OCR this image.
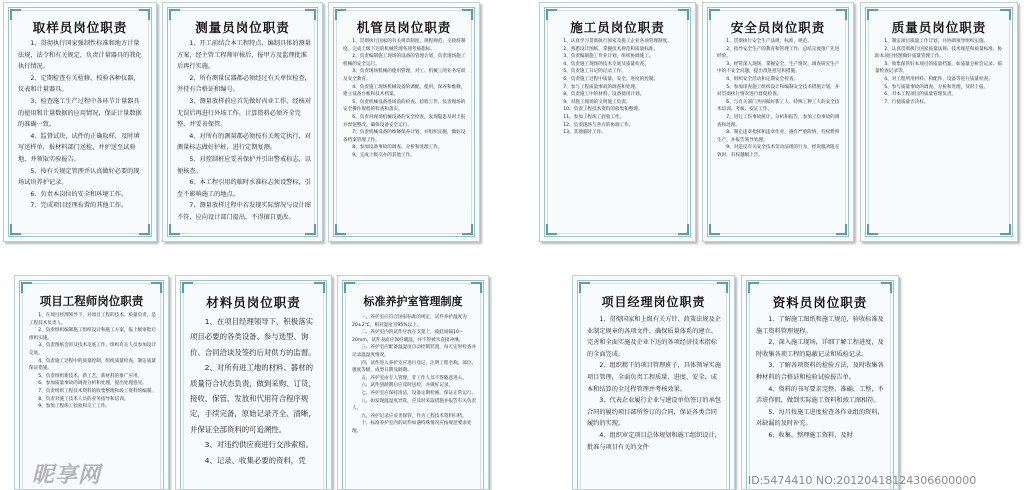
取样员岗位职责

1、贯彻执行国家强制性标准和地方计量法规，法令和有关规定，负责计量器具的我化执行情况。

2、定期检查有关检修、校验各种仪器，仪表和计量器具。

3、检查施工生产过程中各环节计量器具的使用和计量数据的应用情况，保证计量数据的准确一致。

4、监督试块，试件的正确取样，及时填写送样单，报材料部门送检，并护送至试验地，并领取实验报告。

5、按有关规定管理并认真做好必要的现场试块养护记录。

6、负责本岗位的安全和环境工作。

7、完成项目经理布置的其他工作。

测量员岗位职责

1、开工前结合本工程特点，编制具体的测量方案，经主管工程师审核后，报甲方及监理批准后再行实施。

2、所有测量仪器都必须经过有关单位检查，并持有合格证和编号。

3、测量放样前应首先做好内业工作，经核对无误后再进行外场工作，计算资料必须齐全完整，并妥善保管。

4、对所有的测量都必须按有关规定执行，对测量标志做好护桩，进行定期复测。

5、对控制桩应妥善保护并引出警戒标志，以便核查。

6、本工程引用的临时水准标志须设警标，引至不影响施工的地点。

7、测量放样过程中若发现实际情况与设计图不符，应向设计部门提出，不得擅自更改。

机管员岗位职责

1、贯彻执行国家的有关规章制度，规程规范，交接班制度，完成上级下达的机械管理各项考核指标。

2、负责编制施工现场的设备的管理计划，负责现场施工机械的安全运行。

3、负责现场机械的使用管理，对工、机械工的业务培训及安全教育。

4、负责施工现场机械设备的调配、使用、保养和维修，建立设备台帐和技术档案。

5、负责机械设备进场前的检查、验收工作，负责现场的安全操作规程的检查和落实。

6、负责对现场机械设备的安全检查，发现隐患及时上报并督促整改，确保设备安全运行。

7、负责机械设备的维修保养计划，并组织实施，做好设备档案管理工作。

8、参加设备事故的调查、分析和处理工作。

9、完成上级交办的其他工作。

施工员岗位职责

1、认真学习贯彻执行国家及施工企业各项管理制度。

2、熟悉设计图纸，掌握技术规范和质量标准。

3、负责编制施工作业计划，组织协调施工。

4、负责施工现场的技术交底及质量检查。

5、负责施工日记的记录工作。

6、负责施工过程中质量、安全、进度的控制。

7、参与工程质量事故的调查和处理。

8、负责施工中的材料、设备使用计划。

9、对施工现场的文明施工负责。

10、负责工程技术资料的收集和整理。

11、参加工程竣工验收工作。

12、负责现场与各方的协调工作。

13、其他临时工作。

安全员岗位职责

1、贯彻执行安全生产法规，标准，规范。

2、指导安全生产的教育和管理工作，总结交流推广先进经验。

3、经常深入现场，掌握安全，生产情况，调查研究生产中的不安全问题，提出改进意见和措施。

4、组织安全活动和定期安全检查。

5、参加审查施工组织设计和编制安全技术措施计划，并对贯彻执行情况进行督促检查。

6、与有关部门共同做好新工人、特殊工种工人的安全技术培训、考核、发证工作。

7、进行工伤事故统计、分析和报告，参加工伤事故的调查和处理。

8、制止违章指挥和违章作业，遇有严重险情，有权暂停生产，并报告领导处理。

9、对违反有关安全技术劳动法规的行为，经说服劝阻无效时，有权越级上告。

质量员岗位职责

1、制定项目质量工作计划，并协助领导组织实施。

2、认真贯彻执行国家质量法规、技术规范和质量标准，协助本项目经理做好质量管理工作。

3、收集保管好本项目的质量档案，如质量分析会记录、质量检查记录等。

4、对工程所用材料、构配件、设备等进行质量检查。

5、参与质量事故的调查、分析和处理，及时上报。

6、对本工程项目的质量管理负责。

7、行使质量否决权。

项目工程师岗位职责

1、在项目经理领导下，对项目工程的技术、质量负责，是工程技术负责人。

2、负责组织编制施工组织设计和施工方案，报上级审批后组织实施。

3、负责图纸会审及技术交底工作，组织有关人员参加设计交底。

4、负责施工过程中的质量控制，组织质量检查，制定质量保证措施。

5、负责组织新技术、新工艺、新材料的推广应用。

6、参加质量事故的调查分析和处理，提出处理意见。

7、负责组织工程技术资料的收集整理和竣工资料的编制。

8、负责对施工技术人员的业务指导和培训。

9、参加工程竣工验收和交工工作。

材料员岗位职责

1、在项目经理领导下，积极落实项目必要的各类设备、参与选型、询价、合同洽谈及签约后对供方的监督。

2、对所有进工地的材料、器材的质量符合状态负责，做到采购、订货、接收、保管、发放和代用符合程序规定，手续完备，原始记录齐全、清晰，并保证全部资料的可追溯性。

3、对违约供应商进行交涉索赔。

4、记录、收集必要的资料，凭

标准养护室管理制度

一、养护室应符合国家标准的规定，试件养护温度为20±2℃，相对湿度为95%以上。

二、养护室内的试件应放在支架上，彼此间隔10～20mm，试件表面应保持潮湿，并不得被水直接冲淋。

三、养护室应配备温湿度自动控制装置，每天定时检查并记录温湿度情况。

四、试件进入养护室应进行登记，注明工程名称、部位、强度等级、成型日期及龄期。

五、养护室由专人管理，非工作人员不得随意进入。

六、试件到龄期后应及时送检，并做好记录。

七、养护室应保持清洁，设备定期检修，保证正常运行。

八、如发现温湿度异常，应及时采取措施并报告有关负责人。

九、养护记录应妥善保管，作为工程技术资料归档。

十、标准养护室内的试件如遇特殊情况应按规范要求处理。

项目经理岗位职责

1、贯彻国家和上级有关方针、政策法规及企业制定规章的各项文件，确保质量体系的建立、完善和全面实施及企业下达的各项经济技术指标的全面完成。

2、组织精干的项目管理班子，具体领导实施项目管理，全面负责工程质量、进度、安全、成本和结算的全过程管理并考核效果。

3、代表企业履行企业与建设单位签订的承包合同的履约项目部所签订的合同，保证各类合同履约的实现。

4、组织审定项目总体规划和施工组织设计，批准与项目有关的文件

资料员岗位职责

1、了解施工图纸和施工规范，验收标准及施工资料管理规程。

2、深入施工现场，详细了解工程进度，及时收集各项工程的隐蔽记录和质检记录。

3、了解各项资料的检验方法，及时收集各种材料的合格证和检验试验报告单。

4、资料的书写要求完整、准确、工整，不弄虚作假，做到实际施工资料和竣工图相符。

5、每月按施工进度检查各作业组的资料，对缺漏的及时补充。

6、收集、整理施工资料，及时

昵享网	ID:5474410 NO:20120418124306600000
